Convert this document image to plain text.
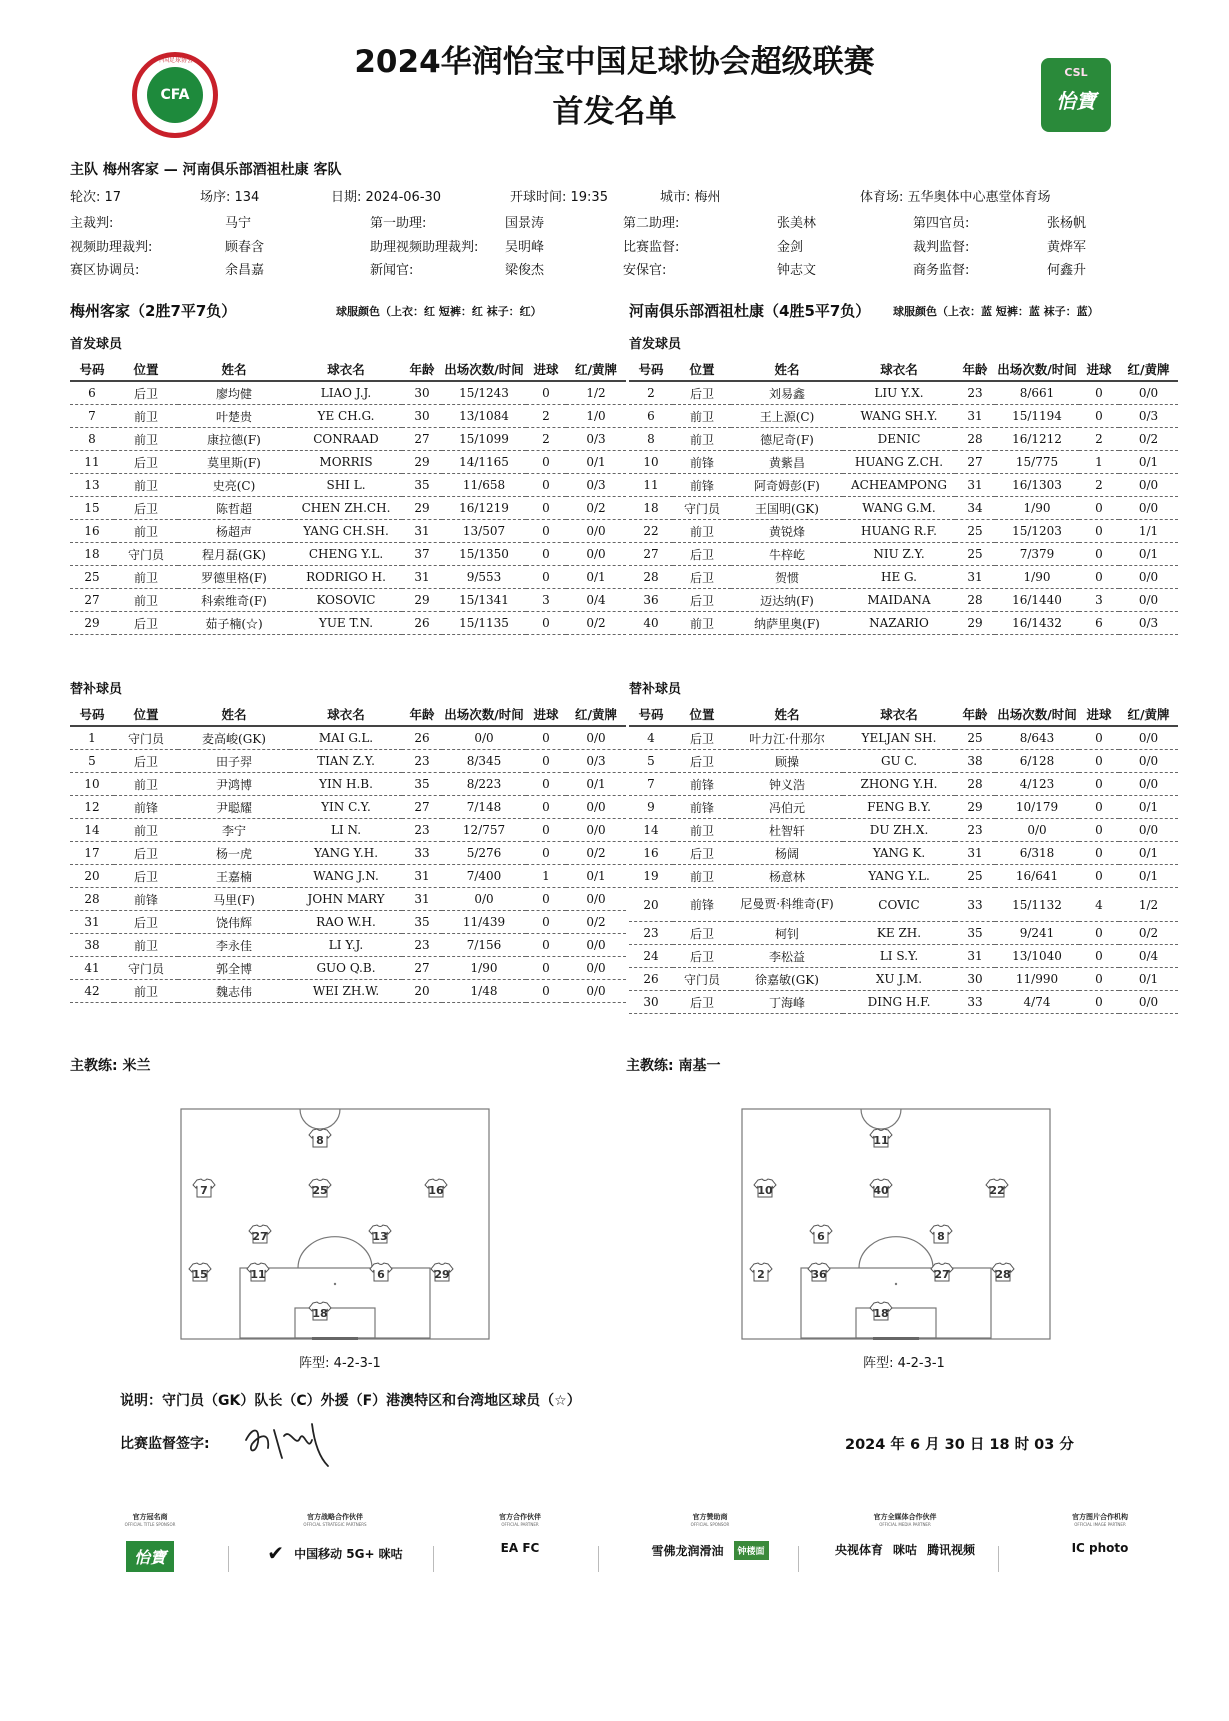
2024华润怡宝中国足球协会超级联赛
首发名单
中国足球协会
CFA
CSL
怡寶
主队 梅州客家 — 河南俱乐部酒祖杜康 客队
轮次: 17	场序: 134	日期: 2024-06-30	开球时间: 19:35	城市: 梅州	体育场: 五华奥体中心惠堂体育场
主裁判:	马宁	第一助理:	国景涛	第二助理:	张美林	第四官员:	张杨帆
视频助理裁判:	顾春含	助理视频助理裁判: 吴明峰	比赛监督:	金剑	裁判监督:	黄烨军
赛区协调员:	余昌嘉	新闻官:	梁俊杰	安保官:	钟志文	商务监督:	何鑫升
梅州客家（2胜7平7负）	球服颜色（上衣：红 短裤：红 袜子：红）	河南俱乐部酒祖杜康（4胜5平7负） 球服颜色（上衣：蓝 短裤：蓝 袜子：蓝）
首发球员	首发球员
替补球员	替补球员
号码	位置	姓名	球衣名	年龄	出场次数/时间	进球	红/黄牌
6	后卫	廖均健	LIAO J.J.	30	15/1243	0	1/2
7	前卫	叶楚贵	YE CH.G.	30	13/1084	2	1/0
8	前卫	康拉德(F)	CONRAAD	27	15/1099	2	0/3
11	后卫	莫里斯(F)	MORRIS	29	14/1165	0	0/1
13	前卫	史亮(C)	SHI L.	35	11/658	0	0/3
15	后卫	陈哲超	CHEN ZH.CH.	29	16/1219	0	0/2
16	前卫	杨超声	YANG CH.SH.	31	13/507	0	0/0
18	守门员	程月磊(GK)	CHENG Y.L.	37	15/1350	0	0/0
25	前卫	罗德里格(F)	RODRIGO H.	31	9/553	0	0/1
27	前卫	科索维奇(F)	KOSOVIC	29	15/1341	3	0/4
29	后卫	茹子楠(☆)	YUE T.N.	26	15/1135	0	0/2
号码	位置	姓名	球衣名	年龄	出场次数/时间	进球	红/黄牌
2	后卫	刘易鑫	LIU Y.X.	23	8/661	0	0/0
6	前卫	王上源(C)	WANG SH.Y.	31	15/1194	0	0/3
8	前卫	德尼奇(F)	DENIC	28	16/1212	2	0/2
10	前锋	黄紫昌	HUANG Z.CH.	27	15/775	1	0/1
11	前锋	阿奇姆彭(F)	ACHEAMPONG	31	16/1303	2	0/0
18	守门员	王国明(GK)	WANG G.M.	34	1/90	0	0/0
22	前卫	黄锐烽	HUANG R.F.	25	15/1203	0	1/1
27	后卫	牛梓屹	NIU Z.Y.	25	7/379	0	0/1
28	后卫	贺惯	HE G.	31	1/90	0	0/0
36	后卫	迈达纳(F)	MAIDANA	28	16/1440	3	0/0
40	前卫	纳萨里奥(F)	NAZARIO	29	16/1432	6	0/3
号码	位置	姓名	球衣名	年龄	出场次数/时间	进球	红/黄牌
1	守门员	麦高峻(GK)	MAI G.L.	26	0/0	0	0/0
5	后卫	田子羿	TIAN Z.Y.	23	8/345	0	0/3
10	前卫	尹鸿博	YIN H.B.	35	8/223	0	0/1
12	前锋	尹聪耀	YIN C.Y.	27	7/148	0	0/0
14	前卫	李宁	LI N.	23	12/757	0	0/0
17	后卫	杨一虎	YANG Y.H.	33	5/276	0	0/2
20	后卫	王嘉楠	WANG J.N.	31	7/400	1	0/1
28	前锋	马里(F)	JOHN MARY	31	0/0	0	0/0
31	后卫	饶伟辉	RAO W.H.	35	11/439	0	0/2
38	前卫	李永佳	LI Y.J.	23	7/156	0	0/0
41	守门员	郭全博	GUO Q.B.	27	1/90	0	0/0
42	前卫	魏志伟	WEI ZH.W.	20	1/48	0	0/0
号码	位置	姓名	球衣名	年龄	出场次数/时间	进球	红/黄牌
4	后卫	叶力江·什那尔	YELJAN SH.	25	8/643	0	0/0
5	后卫	顾操	GU C.	38	6/128	0	0/0
7	前锋	钟义浩	ZHONG Y.H.	28	4/123	0	0/0
9	前锋	冯伯元	FENG B.Y.	29	10/179	0	0/1
14	前卫	杜智轩	DU ZH.X.	23	0/0	0	0/0
16	后卫	杨阔	YANG K.	31	6/318	0	0/1
19	前卫	杨意林	YANG Y.L.	25	16/641	0	0/1
20	前锋	尼曼贾·科维奇(F)	COVIC	33	15/1132	4	1/2
23	后卫	柯钊	KE ZH.	35	9/241	0	0/2
24	后卫	李松益	LI S.Y.	31	13/1040	0	0/4
26	守门员	徐嘉敏(GK)	XU J.M.	30	11/990	0	0/1
30	后卫	丁海峰	DING H.F.	33	4/74	0	0/0
主教练: 米兰	主教练: 南基一
8
7	25	16
27	13
15	11	6	29
18
11
10	40	22
6	8
2	36	27	28
18
阵型: 4-2-3-1	阵型: 4-2-3-1
说明：守门员（GK）队长（C）外援（F）港澳特区和台湾地区球员（☆）
比赛监督签字:	2024 年 6 月 30 日 18 时 03 分
官方冠名商
OFFICIAL TITLE SPONSOR
怡寶
官方战略合作伙伴
OFFICIAL STRATEGIC PARTNERS
✔ 中国移动 5G+ 咪咕
官方合作伙伴
OFFICIAL PARTNER
EA FC
官方赞助商
OFFICIAL SPONSOR
雪佛龙润滑油	钟楼面
官方全媒体合作伙伴
OFFICIAL MEDIA PARTNER
央视体育 咪咕 腾讯视频
官方图片合作机构
OFFICIAL IMAGE PARTNER
IC photo
